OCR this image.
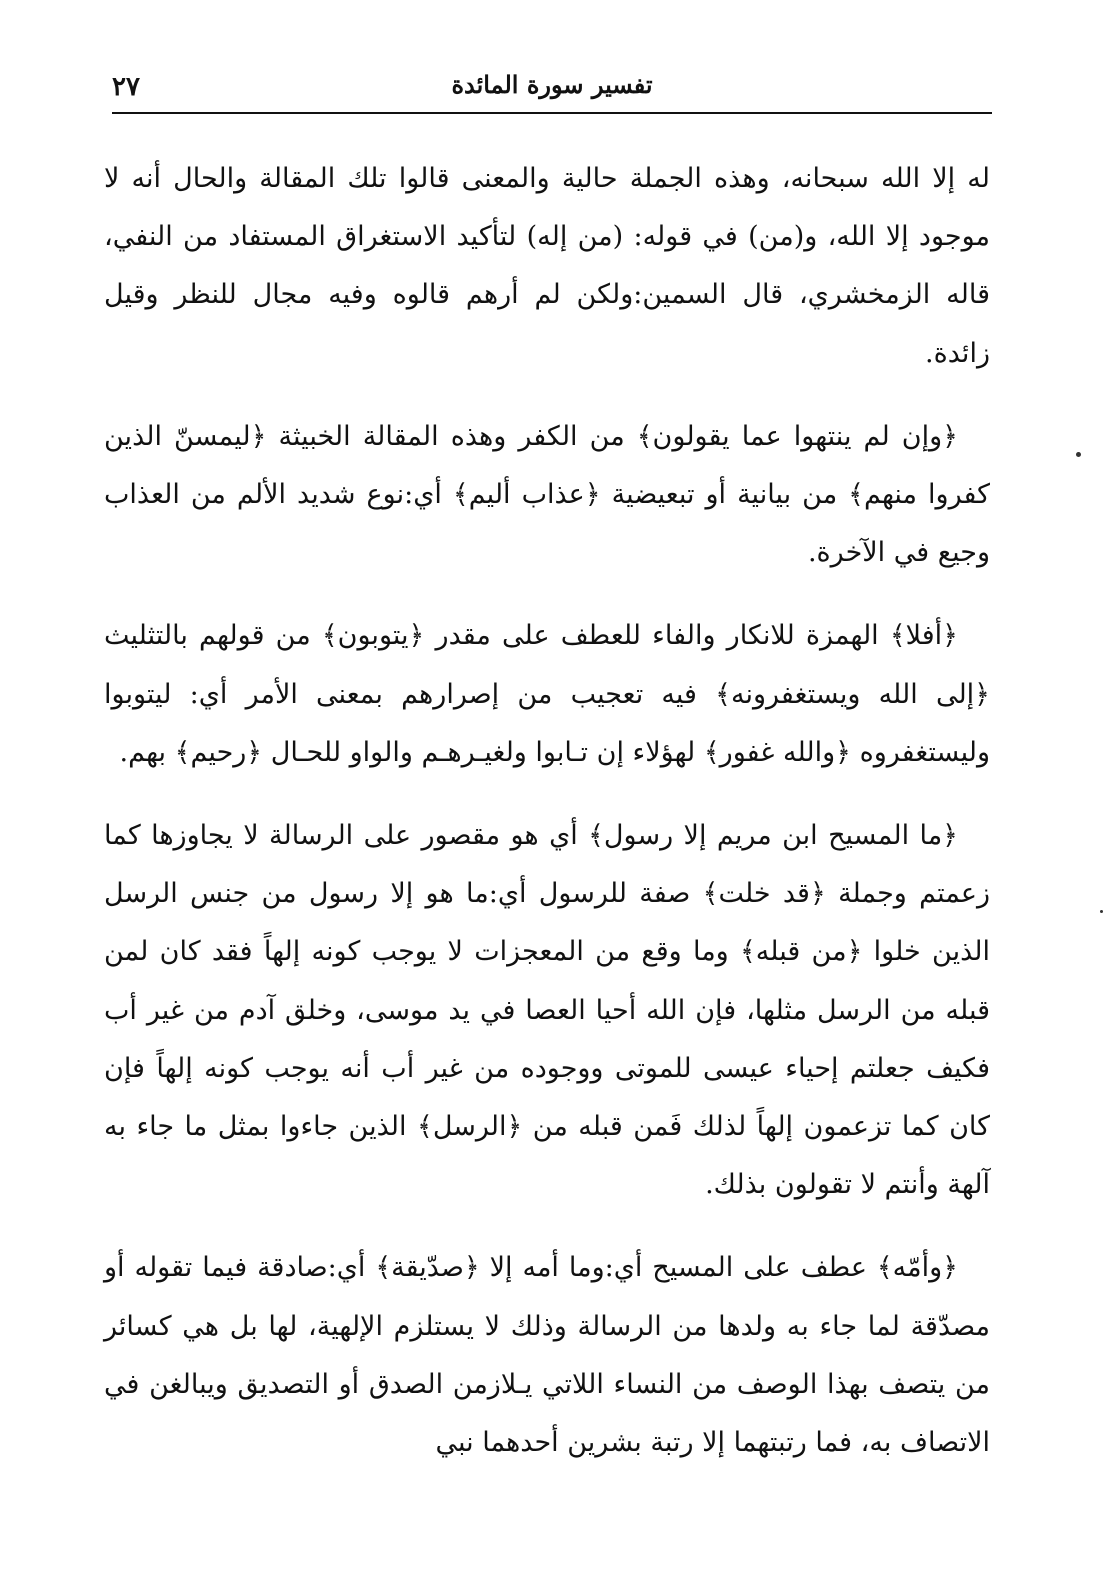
٢٧	تفسير سورة المائدة

له إلا الله سبحانه، وهذه الجملة حالية والمعنى قالوا تلك المقالة والحال أنه لا موجود إلا الله، و(من) في قوله: (من إله) لتأكيد الاستغراق المستفاد من النفي، قاله الزمخشري، قال السمين:ولكن لم أرهم قالوه وفيه مجال للنظر وقيل زائدة.

﴿وإن لم ينتهوا عما يقولون﴾ من الكفر وهذه المقالة الخبيثة ﴿ليمسنّ الذين كفروا منهم﴾ من بيانية أو تبعيضية ﴿عذاب أليم﴾ أي:نوع شديد الألم من العذاب وجيع في الآخرة.

﴿أفلا﴾ الهمزة للانكار والفاء للعطف على مقدر ﴿يتوبون﴾ من قولهم بالتثليث ﴿إلى الله ويستغفرونه﴾ فيه تعجيب من إصرارهم بمعنى الأمر أي: ليتوبوا وليستغفروه ﴿والله غفور﴾ لهؤلاء إن تـابوا ولغيـرهـم والواو للحـال ﴿رحيم﴾ بهم.

﴿ما المسيح ابن مريم إلا رسول﴾ أي هو مقصور على الرسالة لا يجاوزها كما زعمتم وجملة ﴿قد خلت﴾ صفة للرسول أي:ما هو إلا رسول من جنس الرسل الذين خلوا ﴿من قبله﴾ وما وقع من المعجزات لا يوجب كونه إلهاً فقد كان لمن قبله من الرسل مثلها، فإن الله أحيا العصا في يد موسى، وخلق آدم من غير أب فكيف جعلتم إحياء عيسى للموتى ووجوده من غير أب أنه يوجب كونه إلهاً فإن كان كما تزعمون إلهاً لذلك فَمن قبله من ﴿الرسل﴾ الذين جاءوا بمثل ما جاء به آلهة وأنتم لا تقولون بذلك.

﴿وأمّه﴾ عطف على المسيح أي:وما أمه إلا ﴿صدّيقة﴾ أي:صادقة فيما تقوله أو مصدّقة لما جاء به ولدها من الرسالة وذلك لا يستلزم الإلهية، لها بل هي كسائر من يتصف بهذا الوصف من النساء اللاتي يـلازمن الصدق أو التصديق ويبالغن في الاتصاف به، فما رتبتهما إلا رتبة بشرين أحدهما نبي
